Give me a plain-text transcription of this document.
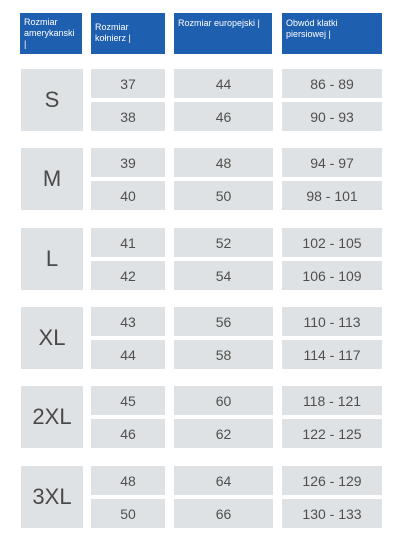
Rozmiar amerykanski |
Rozmiar kołnierz |
Rozmiar europejski |	Obwód klatki piersiowej |
S
37
38
44
46
86 - 89
90 - 93
M
39
40
48
50
94 - 97
98 - 101
L
41
42
52
54
102 - 105
106 - 109
XL
43
44
56
58
110 - 113
114 - 117
2XL
45
46
60
62
118 - 121
122 - 125
3XL
48
50
64
66
126 - 129
130 - 133
